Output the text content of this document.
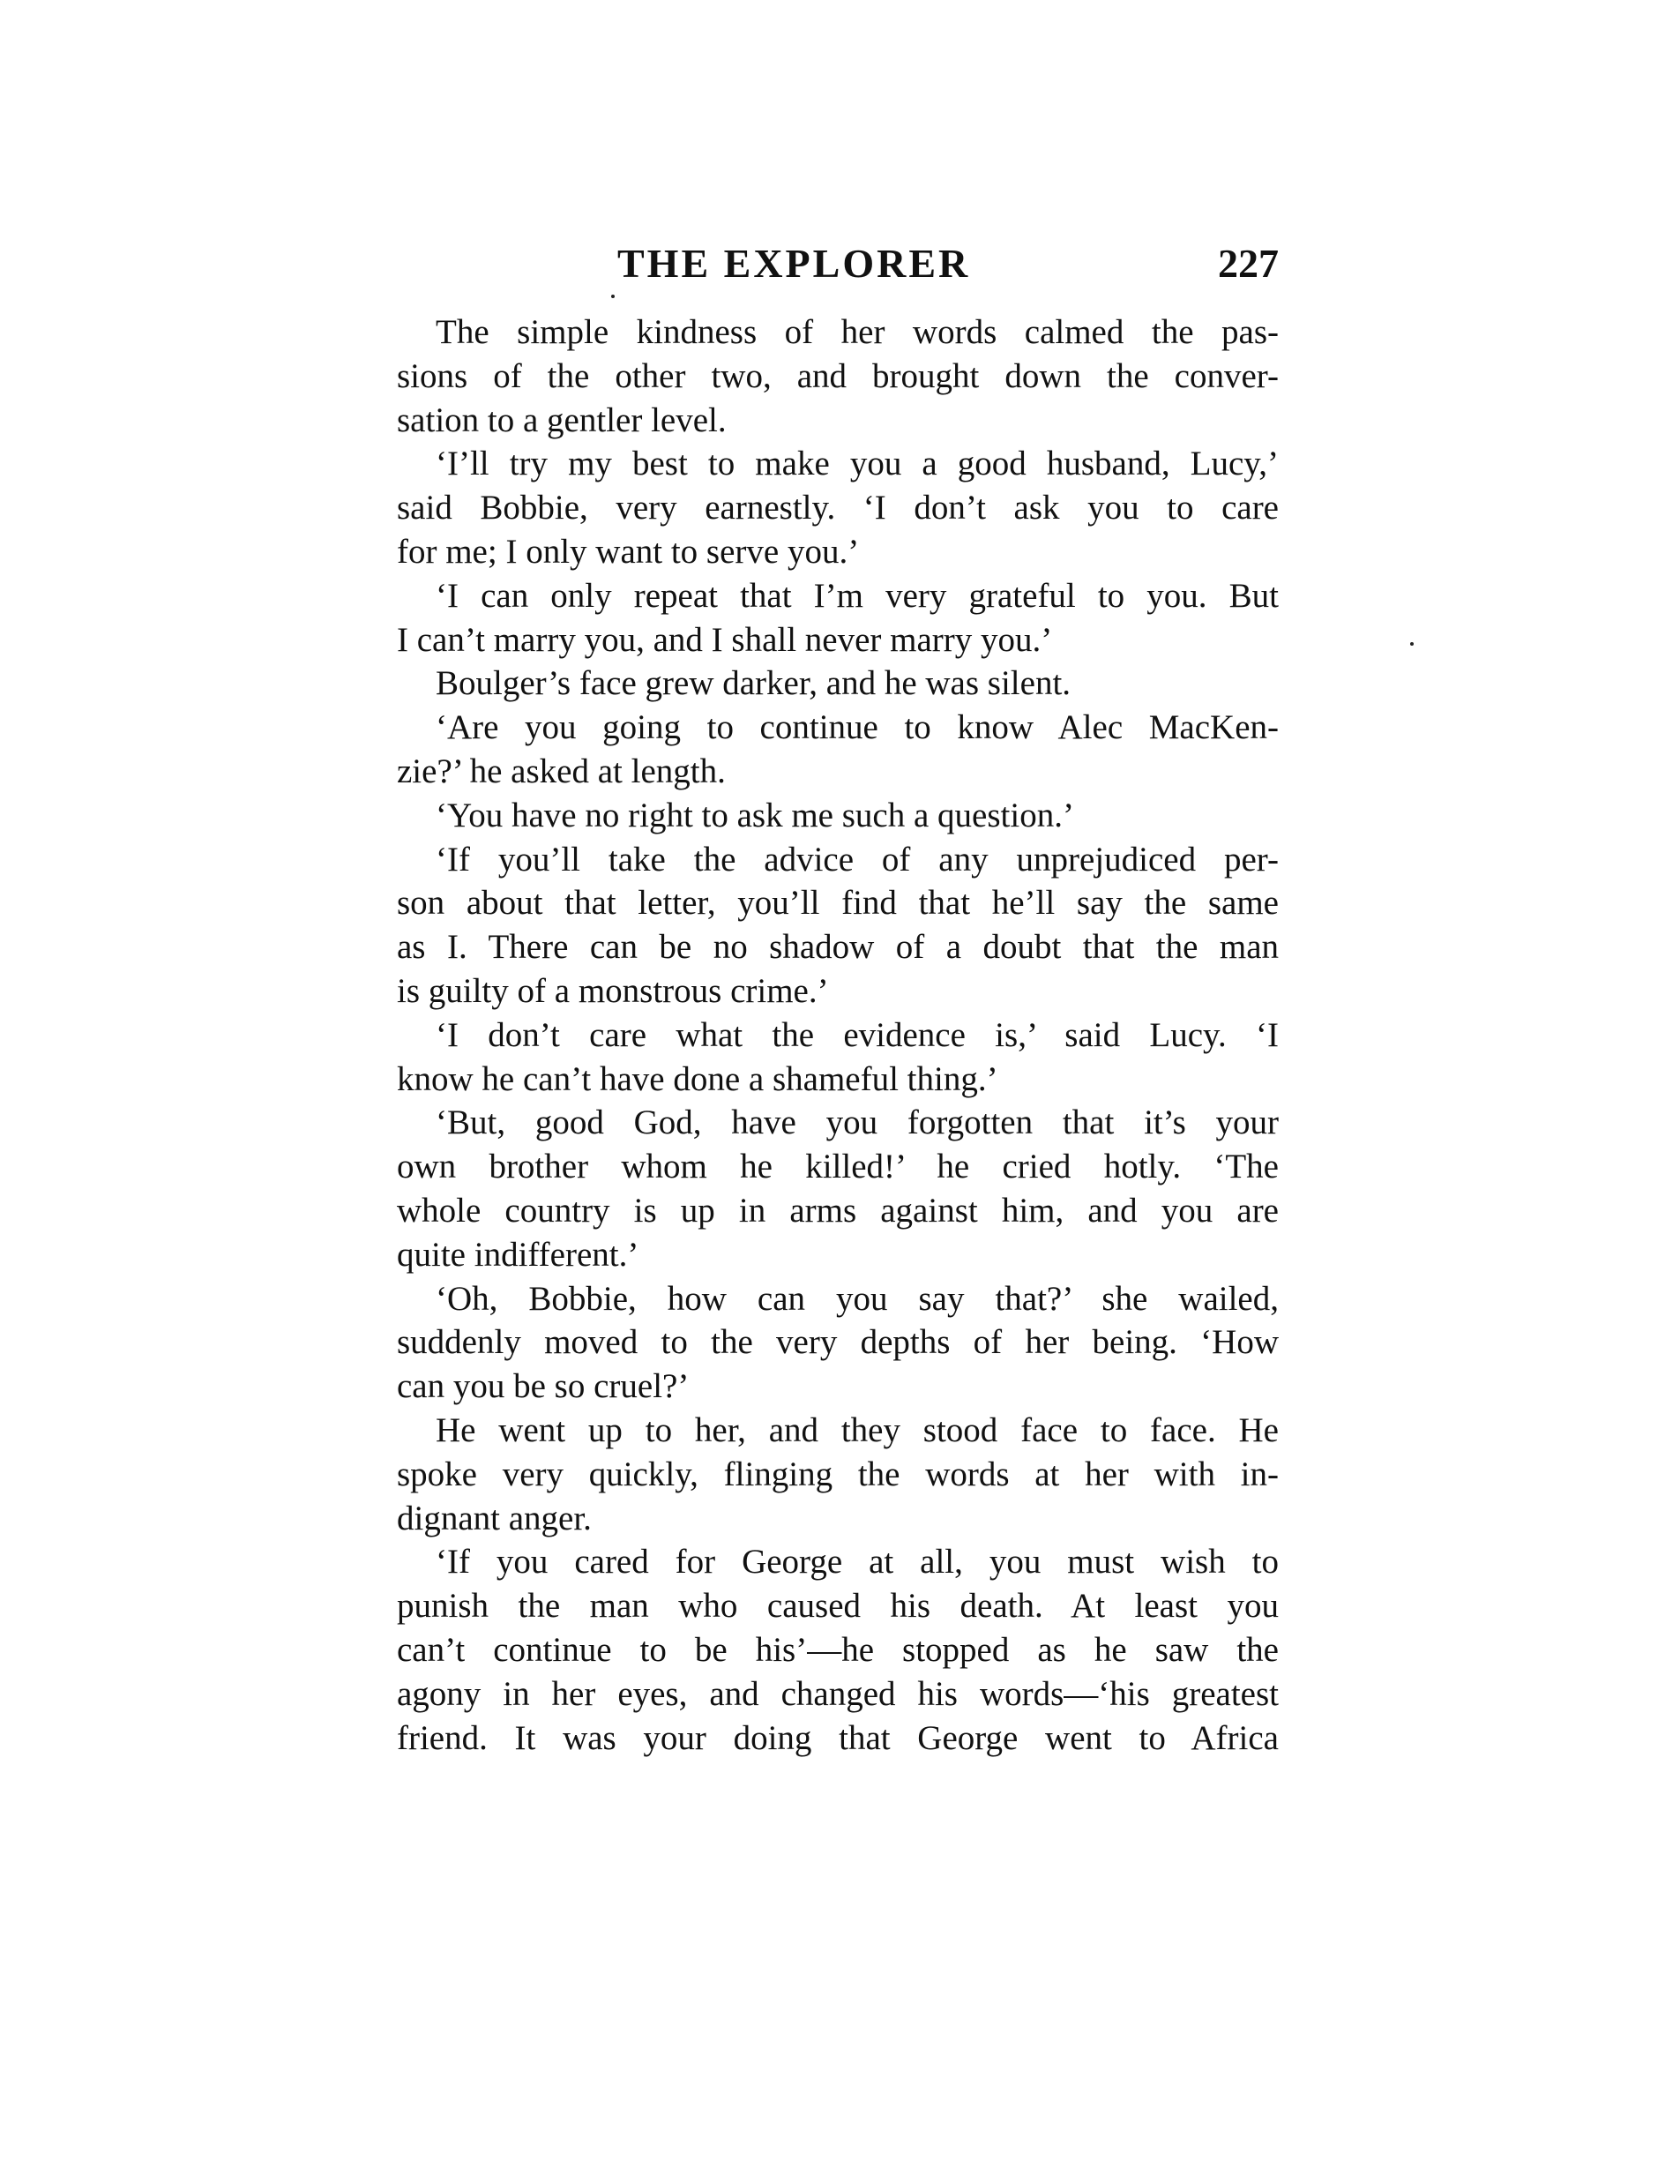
THE EXPLORER	227
The simple kindness of her words calmed the pas-
sions of the other two, and brought down the conver-
sation to a gentler level.
‘I’ll try my best to make you a good husband, Lucy,’
said Bobbie, very earnestly. ‘I don’t ask you to care
for me; I only want to serve you.’
‘I can only repeat that I’m very grateful to you. But
I can’t marry you, and I shall never marry you.’
Boulger’s face grew darker, and he was silent.
‘Are you going to continue to know Alec MacKen-
zie?’ he asked at length.
‘You have no right to ask me such a question.’
‘If you’ll take the advice of any unprejudiced per-
son about that letter, you’ll find that he’ll say the same
as I. There can be no shadow of a doubt that the man
is guilty of a monstrous crime.’
‘I don’t care what the evidence is,’ said Lucy. ‘I
know he can’t have done a shameful thing.’
‘But, good God, have you forgotten that it’s your
own brother whom he killed!’ he cried hotly. ‘The
whole country is up in arms against him, and you are
quite indifferent.’
‘Oh, Bobbie, how can you say that?’ she wailed,
suddenly moved to the very depths of her being. ‘How
can you be so cruel?’
He went up to her, and they stood face to face. He
spoke very quickly, flinging the words at her with in-
dignant anger.
‘If you cared for George at all, you must wish to
punish the man who caused his death. At least you
can’t continue to be his’—he stopped as he saw the
agony in her eyes, and changed his words—‘his greatest
friend. It was your doing that George went to Africa
